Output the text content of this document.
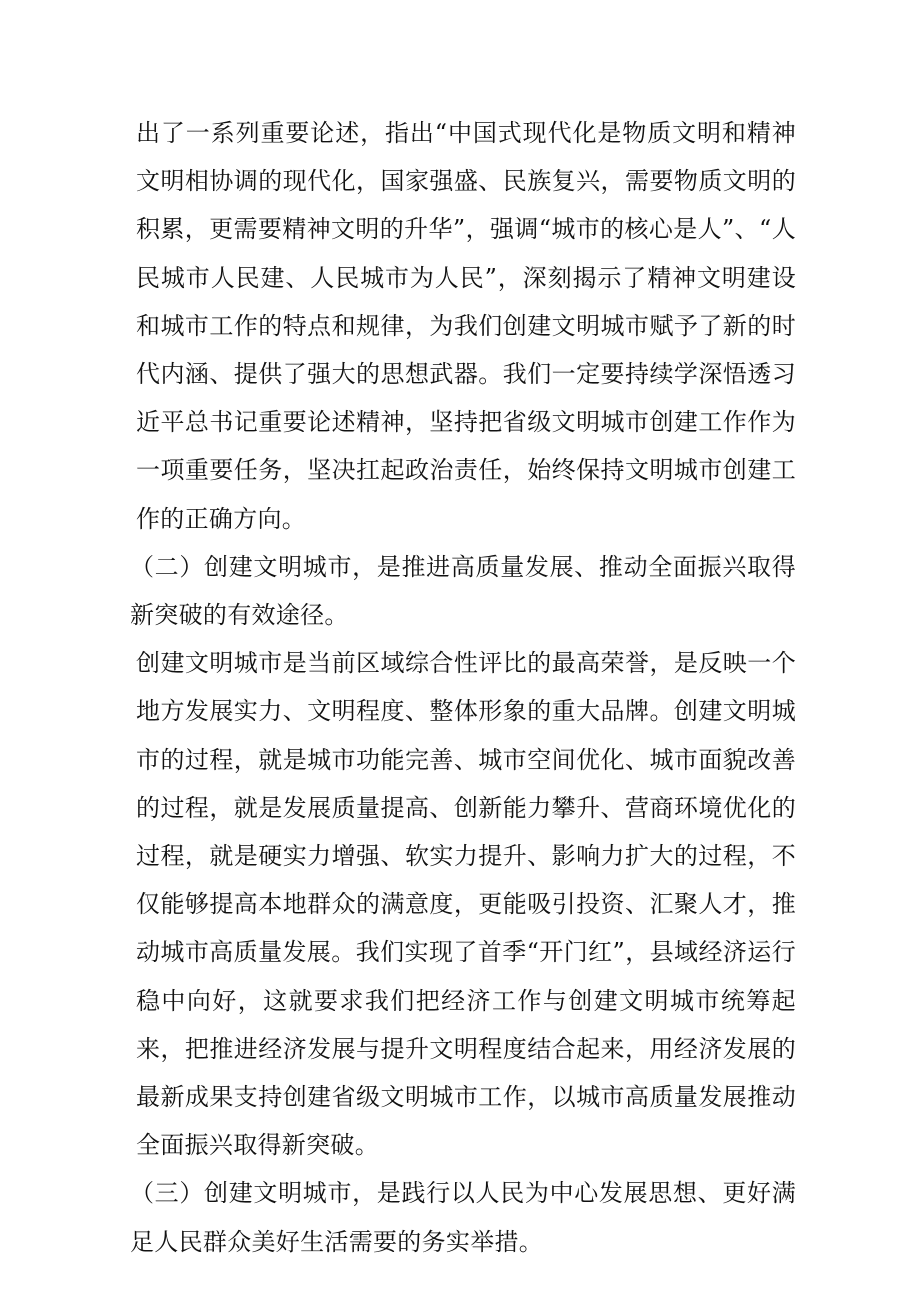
出了一系列重要论述，指出“中国式现代化是物质文明和精神文明相协调的现代化，国家强盛、民族复兴，需要物质文明的积累，更需要精神文明的升华”，强调“城市的核心是人”、“人民城市人民建、人民城市为人民”，深刻揭示了精神文明建设和城市工作的特点和规律，为我们创建文明城市赋予了新的时代内涵、提供了强大的思想武器。我们一定要持续学深悟透习近平总书记重要论述精神，坚持把省级文明城市创建工作作为一项重要任务，坚决扛起政治责任，始终保持文明城市创建工作的正确方向。

（二）创建文明城市，是推进高质量发展、推动全面振兴取得新突破的有效途径。

创建文明城市是当前区域综合性评比的最高荣誉，是反映一个地方发展实力、文明程度、整体形象的重大品牌。创建文明城市的过程，就是城市功能完善、城市空间优化、城市面貌改善的过程，就是发展质量提高、创新能力攀升、营商环境优化的过程，就是硬实力增强、软实力提升、影响力扩大的过程，不仅能够提高本地群众的满意度，更能吸引投资、汇聚人才，推动城市高质量发展。我们实现了首季“开门红”，县域经济运行稳中向好，这就要求我们把经济工作与创建文明城市统筹起来，把推进经济发展与提升文明程度结合起来，用经济发展的最新成果支持创建省级文明城市工作，以城市高质量发展推动全面振兴取得新突破。

（三）创建文明城市，是践行以人民为中心发展思想、更好满足人民群众美好生活需要的务实举措。
